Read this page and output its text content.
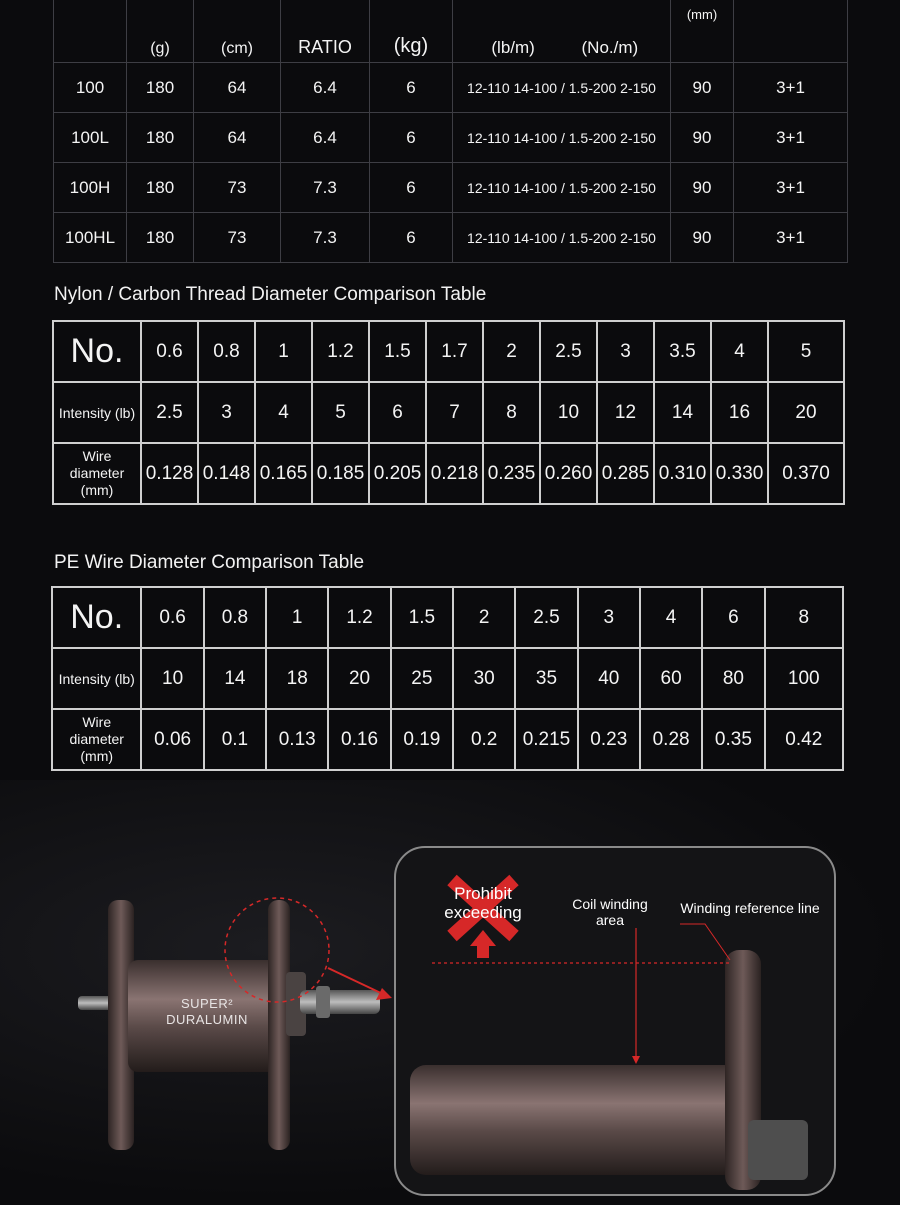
	(g)	(cm)	RATIO	(kg)	(lb/m) (No./m)	(mm)	
100	180	64	6.4	6	12-110 14-100 / 1.5-200 2-150	90	3+1
100L	180	64	6.4	6	12-110 14-100 / 1.5-200 2-150	90	3+1
100H	180	73	7.3	6	12-110 14-100 / 1.5-200 2-150	90	3+1
100HL	180	73	7.3	6	12-110 14-100 / 1.5-200 2-150	90	3+1
Nylon / Carbon Thread Diameter Comparison Table
No.	0.6	0.8	1	1.2	1.5	1.7	2	2.5	3	3.5	4	5
Intensity (lb)	2.5	3	4	5	6	7	8	10	12	14	16	20
Wire diameter (mm)	0.128	0.148	0.165	0.185	0.205	0.218	0.235	0.260	0.285	0.310	0.330	0.370
PE Wire Diameter Comparison Table
No.	0.6	0.8	1	1.2	1.5	2	2.5	3	4	6	8
Intensity (lb)	10	14	18	20	25	30	35	40	60	80	100
Wire diameter (mm)	0.06	0.1	0.13	0.16	0.19	0.2	0.215	0.23	0.28	0.35	0.42
Prohibit exceeding	Coil winding area
Winding reference line
SUPER²
DURALUMIN
